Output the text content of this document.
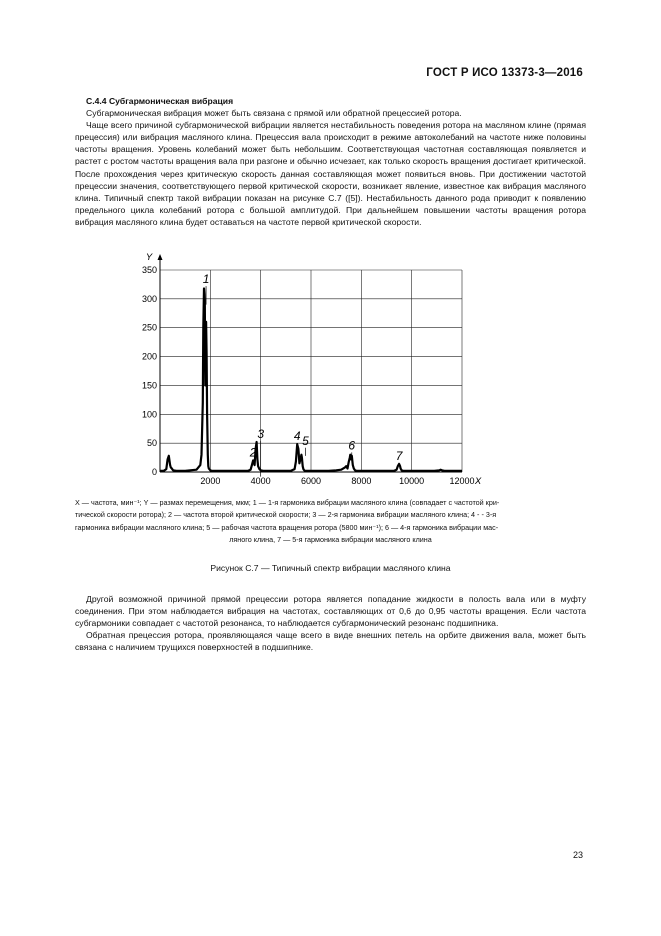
ГОСТ Р ИСО 13373-3—2016

С.4.4 Субгармоническая вибрация

Субгармоническая вибрация может быть связана с прямой или обратной прецессией ротора.

Чаще всего причиной субгармонической вибрации является нестабильность поведения ротора на масляном клине (прямая прецессия) или вибрация масляного клина. Прецессия вала происходит в режиме автоколебаний на частоте ниже половины частоты вращения. Уровень колебаний может быть небольшим. Соответствующая частотная составляющая появляется и растет с ростом частоты вращения вала при разгоне и обычно исчезает, как только скорость вращения достигает критической. После прохождения через критическую скорость данная составляющая может появиться вновь. При достижении частотой прецессии значения, соответствующего первой критической скорости, возникает явление, известное как вибрация масляного клина. Типичный спектр такой вибрации показан на рисунке С.7 ([5]). Нестабильность данного рода приводит к появлению предельного цикла колебаний ротора с большой амплитудой. При дальнейшем повышении частоты вращения ротора вибрация масляного клина будет оставаться на частоте первой критической скорости.

2000	4000	6000	8000	10000	12000
0
50
100
150
200
250
300
350
X
Y
1
2
3 4 5	6
7

X — частота, мин⁻¹; Y — размах перемещения, мкм; 1 — 1-я гармоника вибрации масляного клина (совпадает с частотой кри-

тической скорости ротора); 2 — частота второй критической скорости; 3 — 2-я гармоника вибрации масляного клина; 4 - - 3-я

гармоника вибрации масляного клина; 5 — рабочая частота вращения ротора (5800 мин⁻¹); 6 — 4-я гармоника вибрации мас-

ляного клина, 7 — 5-я гармоника вибрации масляного клина

Рисунок С.7 — Типичный спектр вибрации масляного клина

Другой возможной причиной прямой прецессии ротора является попадание жидкости в полость вала или в муфту соединения. При этом наблюдается вибрация на частотах, составляющих от 0,6 до 0,95 частоты вращения. Если частота субгармоники совпадает с частотой резонанса, то наблюдается субгармонический резонанс подшипника.

Обратная прецессия ротора, проявляющаяся чаще всего в виде внешних петель на орбите движения вала, может быть связана с наличием трущихся поверхностей в подшипнике.

23
